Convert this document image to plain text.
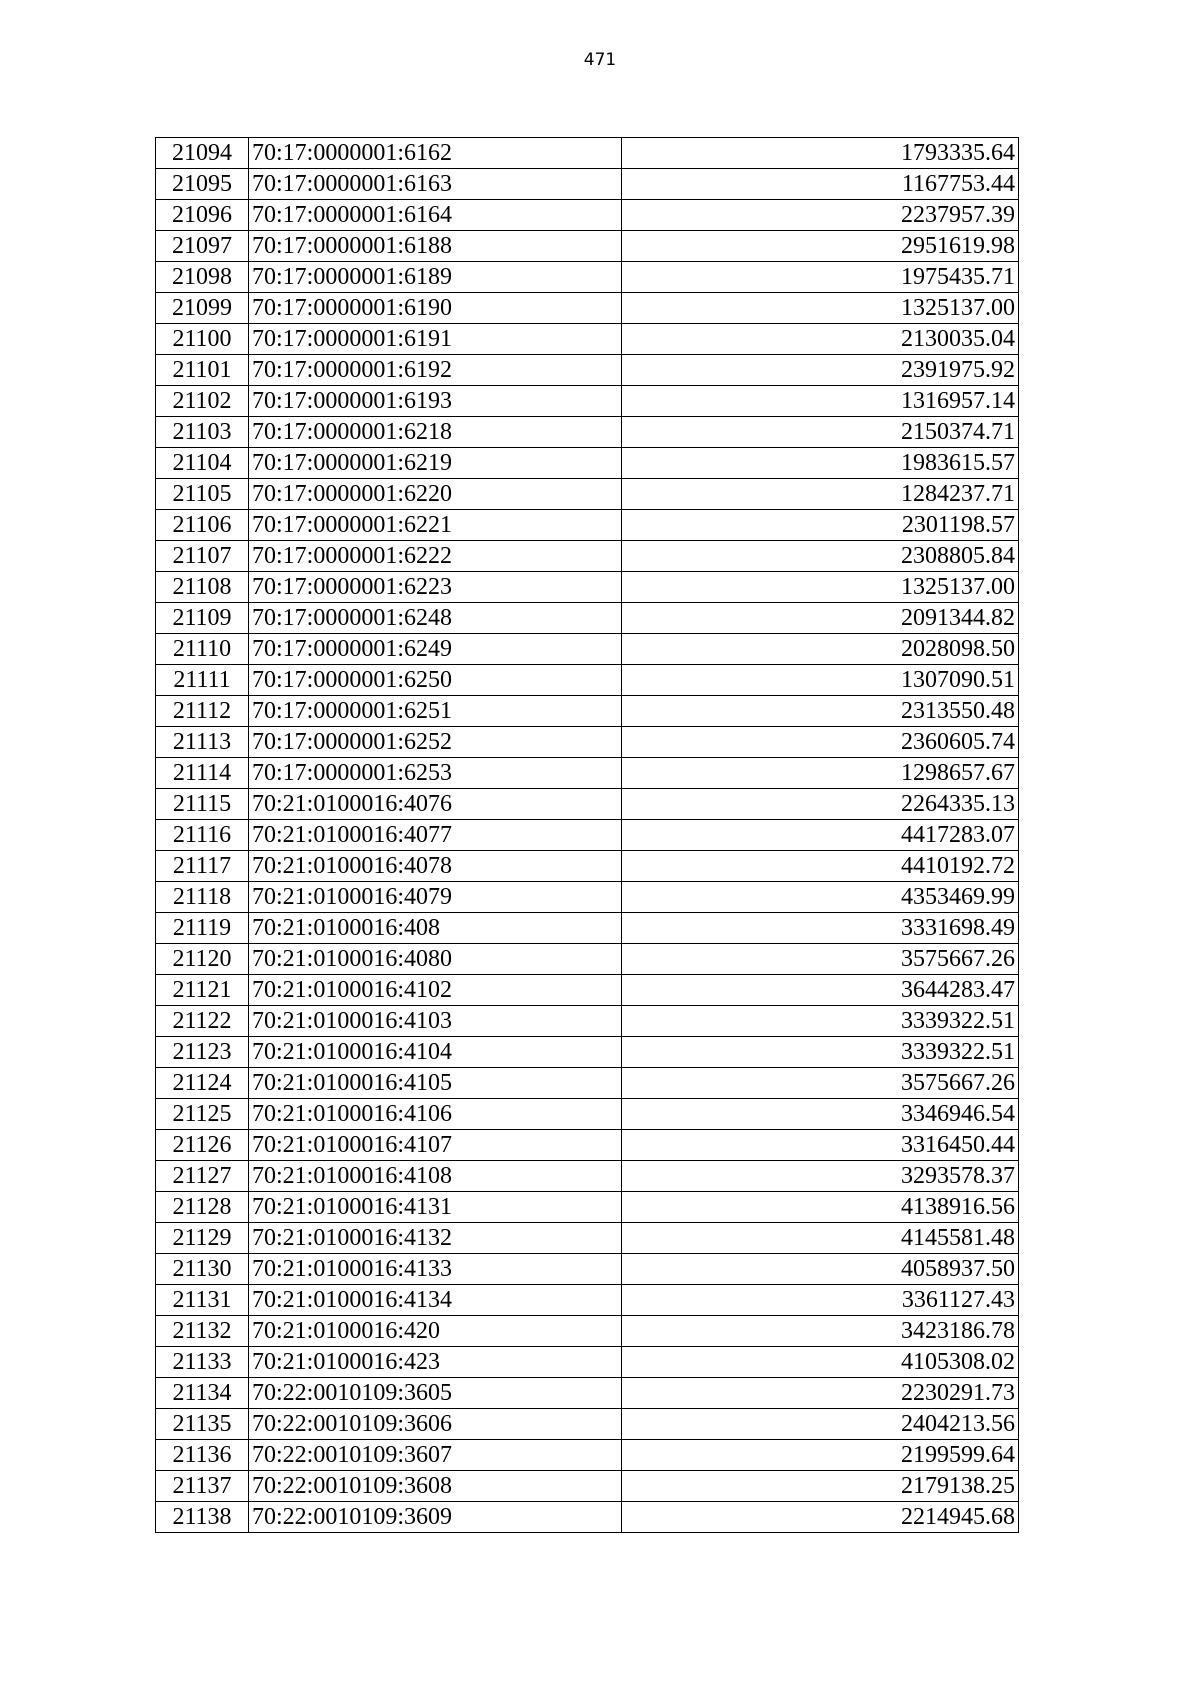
471
21094	70:17:0000001:6162	1793335.64
21095	70:17:0000001:6163	1167753.44
21096	70:17:0000001:6164	2237957.39
21097	70:17:0000001:6188	2951619.98
21098	70:17:0000001:6189	1975435.71
21099	70:17:0000001:6190	1325137.00
21100	70:17:0000001:6191	2130035.04
21101	70:17:0000001:6192	2391975.92
21102	70:17:0000001:6193	1316957.14
21103	70:17:0000001:6218	2150374.71
21104	70:17:0000001:6219	1983615.57
21105	70:17:0000001:6220	1284237.71
21106	70:17:0000001:6221	2301198.57
21107	70:17:0000001:6222	2308805.84
21108	70:17:0000001:6223	1325137.00
21109	70:17:0000001:6248	2091344.82
21110	70:17:0000001:6249	2028098.50
21111	70:17:0000001:6250	1307090.51
21112	70:17:0000001:6251	2313550.48
21113	70:17:0000001:6252	2360605.74
21114	70:17:0000001:6253	1298657.67
21115	70:21:0100016:4076	2264335.13
21116	70:21:0100016:4077	4417283.07
21117	70:21:0100016:4078	4410192.72
21118	70:21:0100016:4079	4353469.99
21119	70:21:0100016:408	3331698.49
21120	70:21:0100016:4080	3575667.26
21121	70:21:0100016:4102	3644283.47
21122	70:21:0100016:4103	3339322.51
21123	70:21:0100016:4104	3339322.51
21124	70:21:0100016:4105	3575667.26
21125	70:21:0100016:4106	3346946.54
21126	70:21:0100016:4107	3316450.44
21127	70:21:0100016:4108	3293578.37
21128	70:21:0100016:4131	4138916.56
21129	70:21:0100016:4132	4145581.48
21130	70:21:0100016:4133	4058937.50
21131	70:21:0100016:4134	3361127.43
21132	70:21:0100016:420	3423186.78
21133	70:21:0100016:423	4105308.02
21134	70:22:0010109:3605	2230291.73
21135	70:22:0010109:3606	2404213.56
21136	70:22:0010109:3607	2199599.64
21137	70:22:0010109:3608	2179138.25
21138	70:22:0010109:3609	2214945.68
